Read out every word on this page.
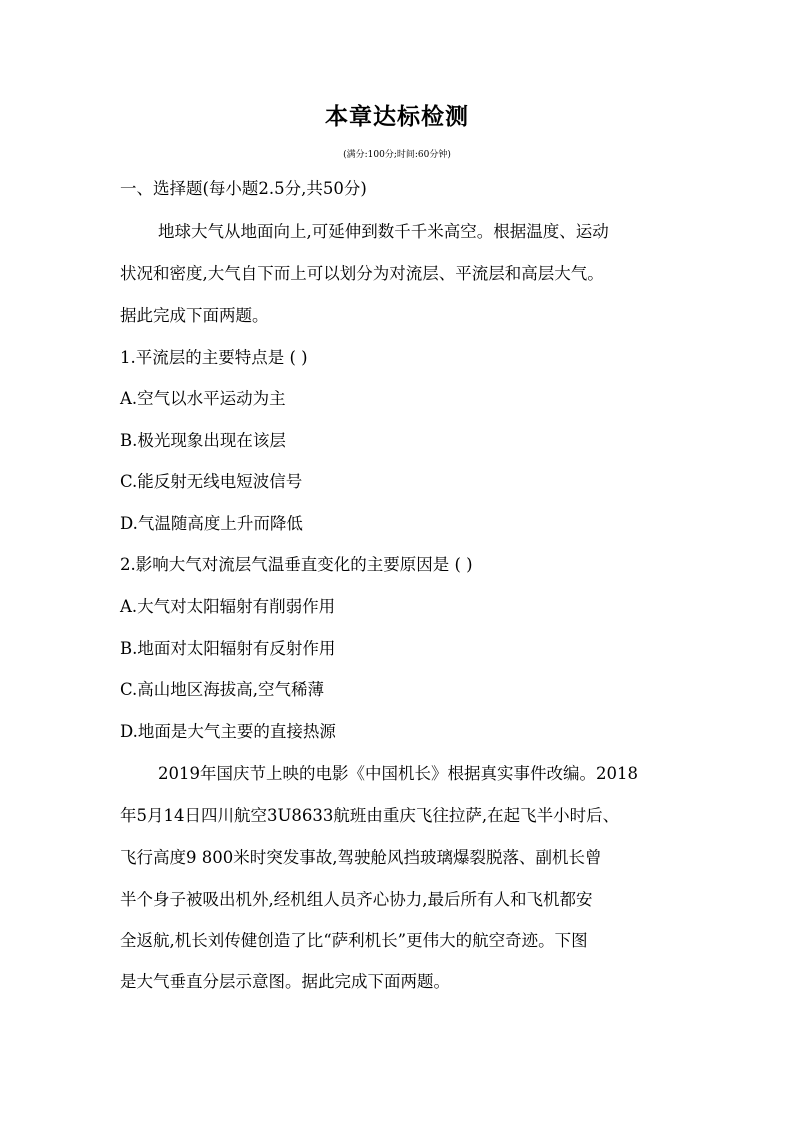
本章达标检测
(满分:100分;时间:60分钟)
一、选择题(每小题2.5分,共50分)
地球大气从地面向上,可延伸到数千千米高空。根据温度、运动
状况和密度,大气自下而上可以划分为对流层、平流层和高层大气。
据此完成下面两题。
1.平流层的主要特点是 ( )
A.空气以水平运动为主
B.极光现象出现在该层
C.能反射无线电短波信号
D.气温随高度上升而降低
2.影响大气对流层气温垂直变化的主要原因是 ( )
A.大气对太阳辐射有削弱作用
B.地面对太阳辐射有反射作用
C.高山地区海拔高,空气稀薄
D.地面是大气主要的直接热源
2019年国庆节上映的电影《中国机长》根据真实事件改编。2018
年5月14日四川航空3U8633航班由重庆飞往拉萨,在起飞半小时后、
飞行高度9 800米时突发事故,驾驶舱风挡玻璃爆裂脱落、副机长曾
半个身子被吸出机外,经机组人员齐心协力,最后所有人和飞机都安
全返航,机长刘传健创造了比“萨利机长”更伟大的航空奇迹。下图
是大气垂直分层示意图。据此完成下面两题。
